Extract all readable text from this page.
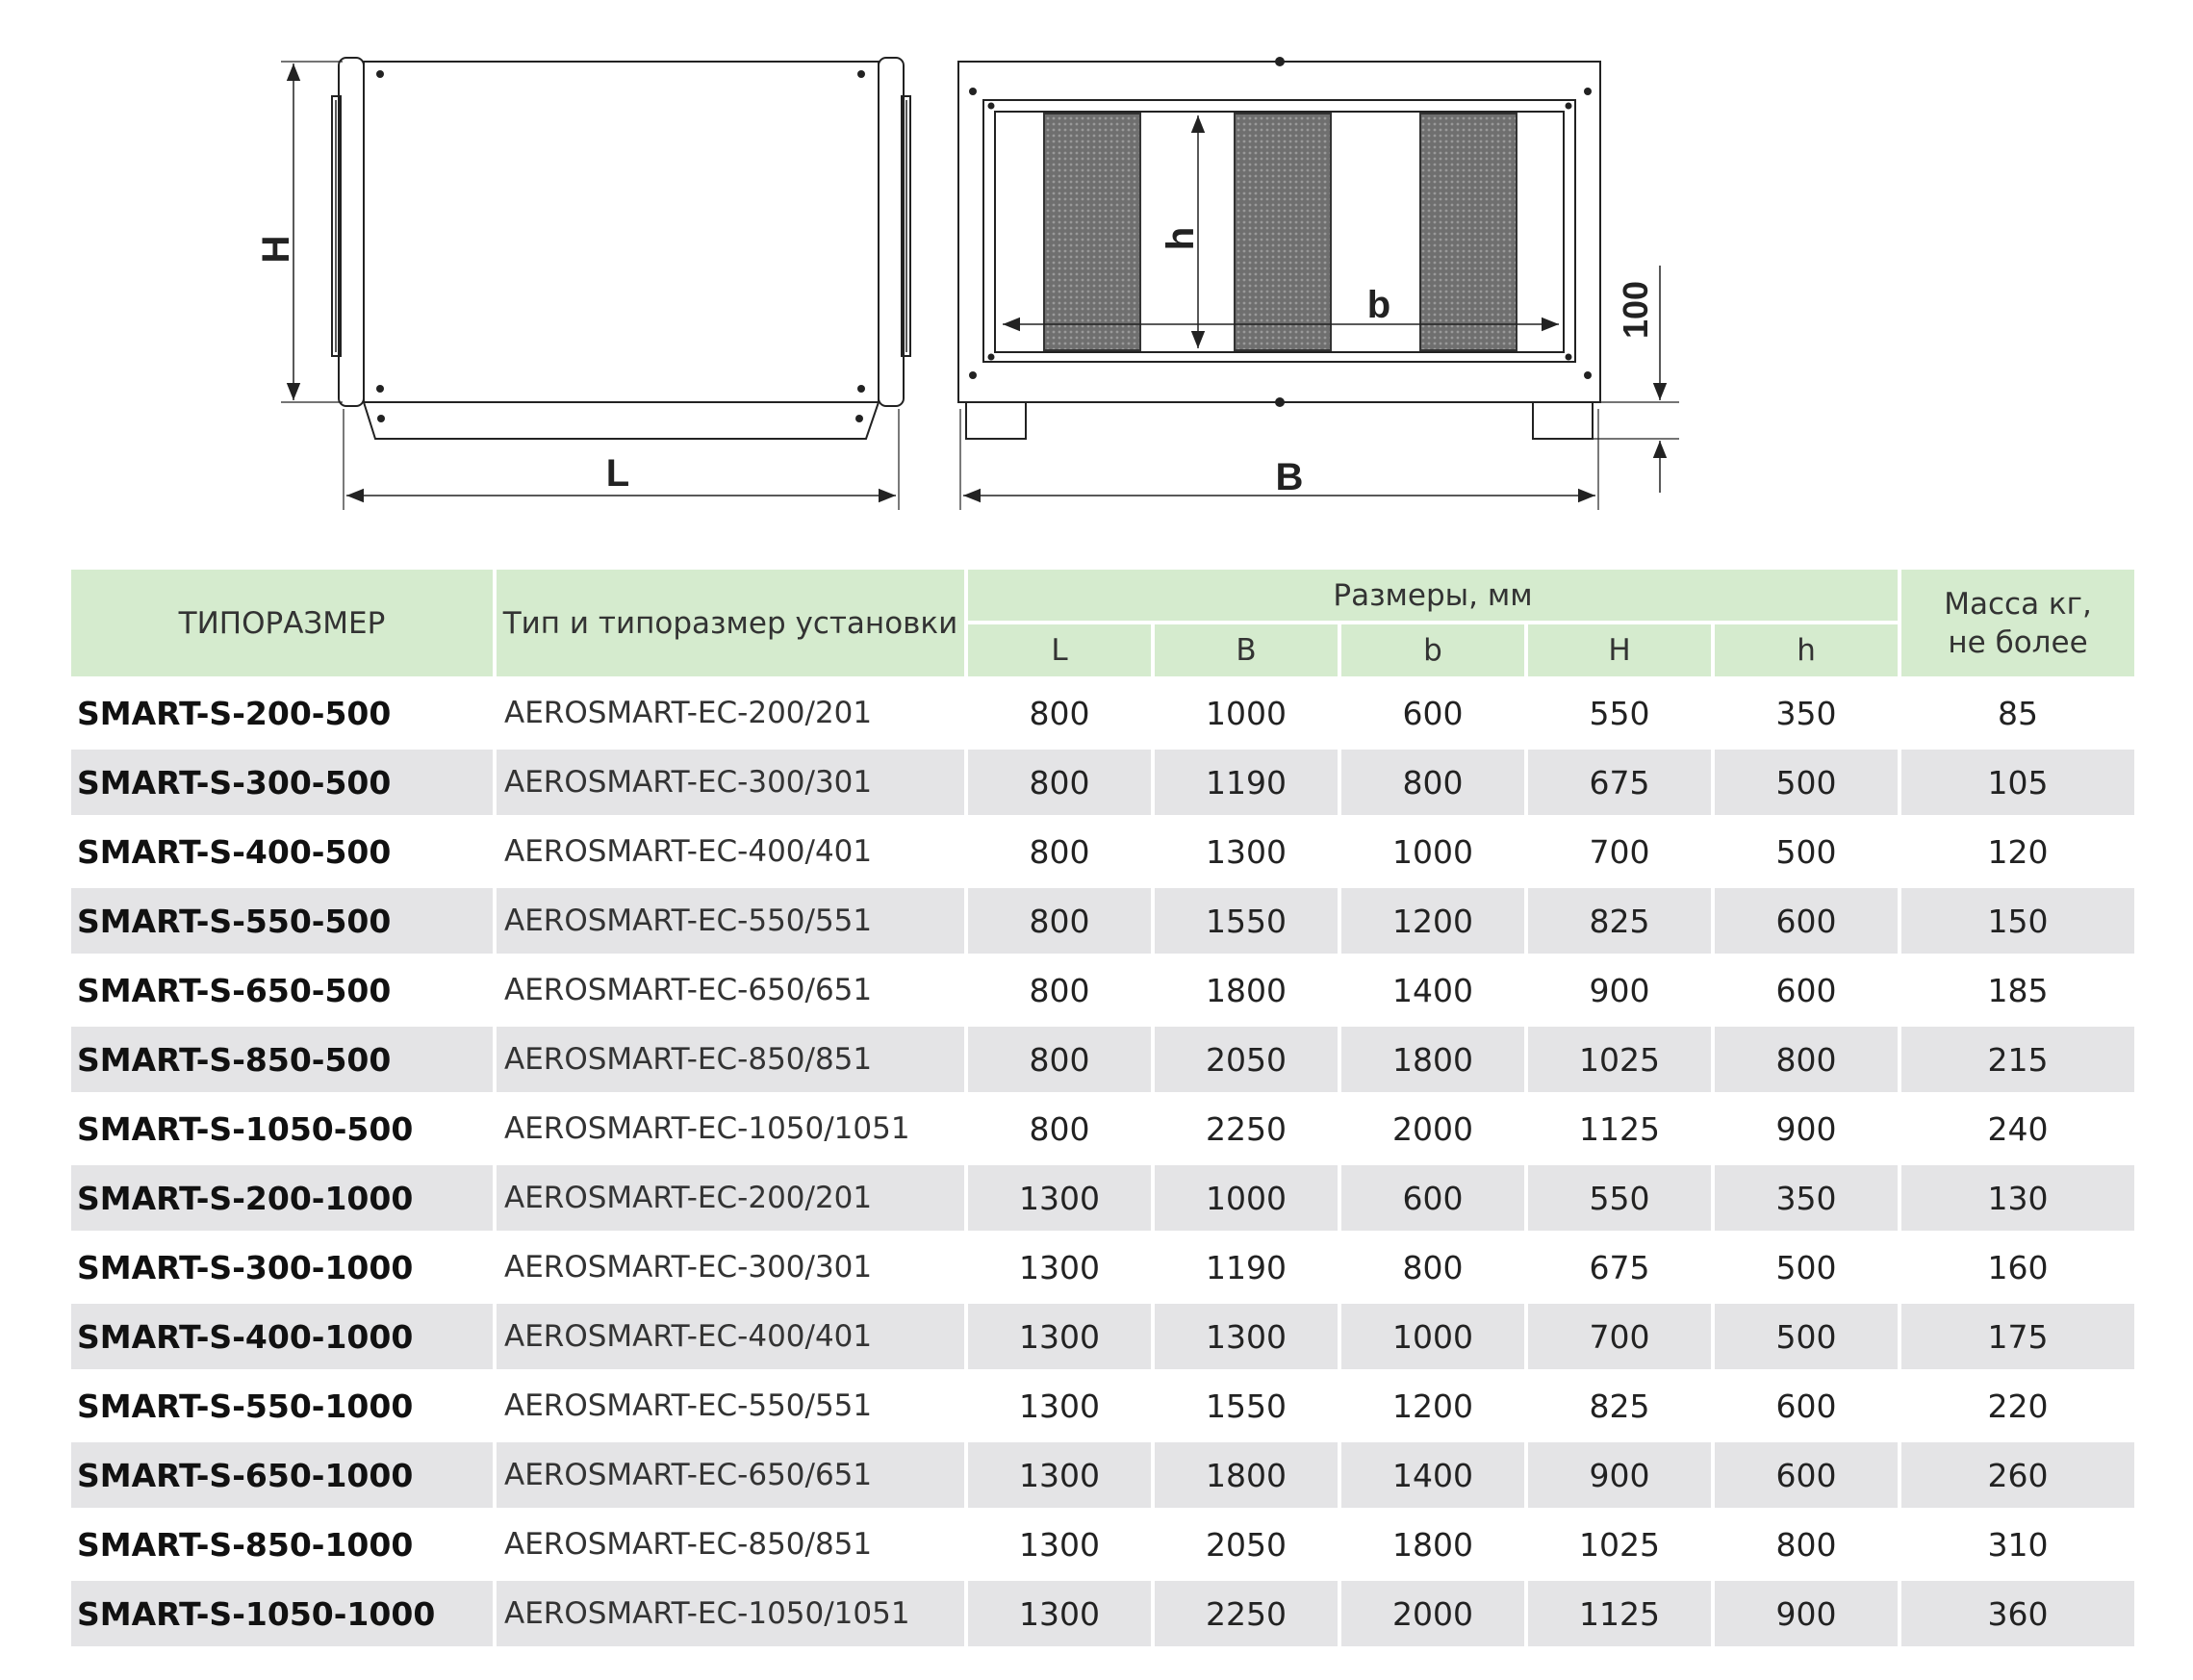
H
L
h
b	100
B
ТИПОРАЗМЕР	Тип и типоразмер установки	Размеры, мм					Масса кг, не более
		L	B	b	H	h	
SMART-S-200-500	AEROSMART-EC-200/201	800	1000	600	550	350	85
SMART-S-300-500	AEROSMART-EC-300/301	800	1190	800	675	500	105
SMART-S-400-500	AEROSMART-EC-400/401	800	1300	1000	700	500	120
SMART-S-550-500	AEROSMART-EC-550/551	800	1550	1200	825	600	150
SMART-S-650-500	AEROSMART-EC-650/651	800	1800	1400	900	600	185
SMART-S-850-500	AEROSMART-EC-850/851	800	2050	1800	1025	800	215
SMART-S-1050-500	AEROSMART-EC-1050/1051	800	2250	2000	1125	900	240
SMART-S-200-1000	AEROSMART-EC-200/201	1300	1000	600	550	350	130
SMART-S-300-1000	AEROSMART-EC-300/301	1300	1190	800	675	500	160
SMART-S-400-1000	AEROSMART-EC-400/401	1300	1300	1000	700	500	175
SMART-S-550-1000	AEROSMART-EC-550/551	1300	1550	1200	825	600	220
SMART-S-650-1000	AEROSMART-EC-650/651	1300	1800	1400	900	600	260
SMART-S-850-1000	AEROSMART-EC-850/851	1300	2050	1800	1025	800	310
SMART-S-1050-1000	AEROSMART-EC-1050/1051	1300	2250	2000	1125	900	360
